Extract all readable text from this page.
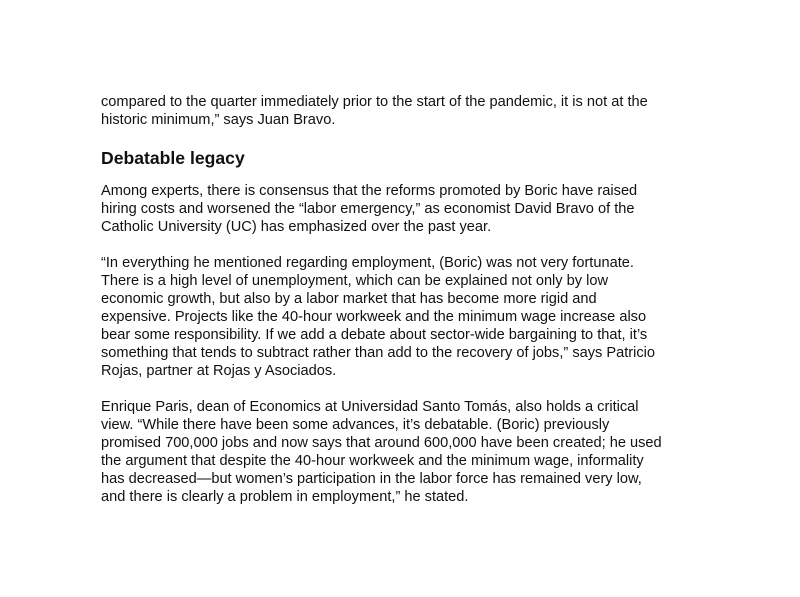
compared to the quarter immediately prior to the start of the pandemic, it is not at the
historic minimum,” says Juan Bravo.

Debatable legacy

Among experts, there is consensus that the reforms promoted by Boric have raised
hiring costs and worsened the “labor emergency,” as economist David Bravo of the
Catholic University (UC) has emphasized over the past year.

“In everything he mentioned regarding employment, (Boric) was not very fortunate.
There is a high level of unemployment, which can be explained not only by low
economic growth, but also by a labor market that has become more rigid and
expensive. Projects like the 40-hour workweek and the minimum wage increase also
bear some responsibility. If we add a debate about sector-wide bargaining to that, it’s
something that tends to subtract rather than add to the recovery of jobs,” says Patricio
Rojas, partner at Rojas y Asociados.

Enrique Paris, dean of Economics at Universidad Santo Tomás, also holds a critical
view. “While there have been some advances, it’s debatable. (Boric) previously
promised 700,000 jobs and now says that around 600,000 have been created; he used
the argument that despite the 40-hour workweek and the minimum wage, informality
has decreased—but women’s participation in the labor force has remained very low,
and there is clearly a problem in employment,” he stated.
